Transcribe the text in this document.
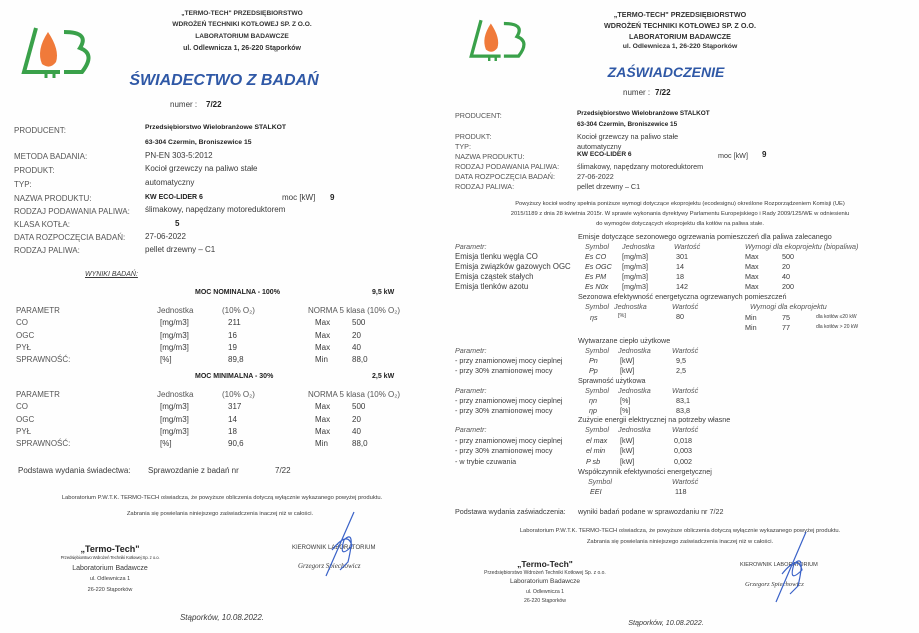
„TERMO-TECH" PRZEDSIĘBIORSTWO
WDROŻEŃ TECHNIKI KOTŁOWEJ SP. Z O.O.
LABORATORIUM BADAWCZE
ul. Odlewnicza 1, 26-220 Stąporków
ŚWIADECTWO Z BADAŃ
numer : 7/22
PRODUCENT:	Przedsiębiorstwo Wielobranżowe STALKOT
63-304 Czermin, Broniszewice 15
METODA BADANIA:	PN-EN 303-5:2012
PRODUKT:	Kocioł grzewczy na paliwo stałe
TYP:	automatyczny
NAZWA PRODUKTU:	KW ECO-LIDER 6	moc [kW] 9
RODZAJ PODAWANIA PALIWA: ślimakowy, napędzany motoreduktorem
KLASA KOTŁA:	5
DATA ROZPOCZĘCIA BADAŃ: 27-06-2022
RODZAJ PALIWA:	pellet drzewny – C1
WYNIKI BADAŃ:
MOC NOMINALNA - 100%	9,5 kW
PARAMETR	Jednostka	(10% O₂)	NORMA 5 klasa (10% O₂)
CO	[mg/m3]	211	Max	500
OGC	[mg/m3]	16	Max	20
PYŁ	[mg/m3]	19	Max	40
SPRAWNOŚĆ:	[%]	89,8	Min	88,0
MOC MINIMALNA - 30%	2,5 kW
PARAMETR	Jednostka	(10% O₂)	NORMA 5 klasa (10% O₂)
CO	[mg/m3]	317	Max	500
OGC	[mg/m3]	14	Max	20
PYŁ	[mg/m3]	18	Max	40
SPRAWNOŚĆ:	[%]	90,6	Min	88,0
Podstawa wydania świadectwa: Sprawozdanie z badań nr	7/22
Laboratorium P.W.T.K. TERMO-TECH oświadcza, że powyższe obliczenia dotyczą wyłącznie wykazanego powyżej produktu.
Zabrania się powielania niniejszego zaświadczenia inaczej niż w całości.
„Termo-Tech"
Przedsiębiorstwo Wdrożeń Techniki Kotłowej Sp. z o.o.
Laboratorium Badawcze
ul. Odlewnicza 1
26-220 Stąporków
KIEROWNIK LABORATORIUM
Grzegorz Spiechowicz
Stąporków, 10.08.2022.
„TERMO-TECH" PRZEDSIĘBIORSTWO
WDROŻEŃ TECHNIKI KOTŁOWEJ SP. Z O.O.
LABORATORIUM BADAWCZE
ul. Odlewnicza 1, 26-220 Stąporków
ZAŚWIADCZENIE
numer : 7/22
PRODUCENT:	Przedsiębiorstwo Wielobranżowe STALKOT
63-304 Czermin, Broniszewice 15
PRODUKT:	Kocioł grzewczy na paliwo stałe
TYP:	automatyczny
NAZWA PRODUKTU:	KW ECO-LIDER 6	moc [kW] 9
RODZAJ PODAWANIA PALIWA: ślimakowy, napędzany motoreduktorem
DATA ROZPOCZĘCIA BADAŃ:	27-06-2022
RODZAJ PALIWA:	pellet drzewny – C1
Powyższy kocioł wodny spełnia poniższe wymogi dotyczące ekoprojektu (ecodesignu) określone Rozporządzeniem Komisji (UE)
2015/1189 z dnia 28 kwietnia 2015r. W sprawie wykonania dyrektywy Parlamentu Europejskiego i Rady 2009/125/WE w odniesieniu
do wymogów dotyczących ekoprojektu dla kotłów na paliwa stałe.
Emisje dotyczące sezonowego ogrzewania pomieszczeń dla paliwa zalecanego
Parametr:	Symbol Jednostka	Wartość	Wymogi dla ekoprojektu (biopaliwa)
Emisja tlenku węgla CO	Es CO [mg/m3]	301	Max	500
Emisja związków gazowych OGC Es OGC [mg/m3]	14	Max	20
Emisja cząstek stałych	Es PM [mg/m3]	18	Max	40
Emisja tlenków azotu	Es N0x [mg/m3]	142	Max	200
Sezonowa efektywność energetyczna ogrzewanych pomieszczeń
Symbol Jednostka	Wartość	Wymogi dla ekoprojektu
ηs	[%]	80	Min	75	dla kotłów ≤20 kW
Min	77	dla kotłów > 20 kW
Wytwarzane ciepło użytkowe
Parametr:	Symbol Jednostka	Wartość
- przy znamionowej mocy cieplnej	Pn	[kW]	9,5
- przy 30% znamionowej mocy	Pp	[kW]	2,5
Sprawność użytkowa
Parametr:	Symbol Jednostka	Wartość
- przy znamionowej mocy cieplnej	ηn	[%]	83,1
- przy 30% znamionowej mocy	ηp	[%]	83,8
Zużycie energii elektrycznej na potrzeby własne
Parametr:	Symbol Jednostka	Wartość
- przy znamionowej mocy cieplnej	el max [kW]	0,018
- przy 30% znamionowej mocy	el min [kW]	0,003
- w trybie czuwania	P sb	[kW]	0,002
Współczynnik efektywności energetycznej
Symbol	Wartość
EEI	118
Podstawa wydania zaświadczenia: wyniki badań podane w sprawozdaniu nr 7/22
Laboratorium P.W.T.K. TERMO-TECH oświadcza, że powyższe obliczenia dotyczą wyłącznie wykazanego powyżej produktu.
Zabrania się powielania niniejszego zaświadczenia inaczej niż w całości.
„Termo-Tech"
Przedsiębiorstwo Wdrożeń Techniki Kotłowej Sp. z o.o.
Laboratorium Badawcze
ul. Odlewnicza 1
26-220 Stąporków
KIEROWNIK LABORATORIUM
Grzegorz Spiechowicz
Stąporków, 10.08.2022.
